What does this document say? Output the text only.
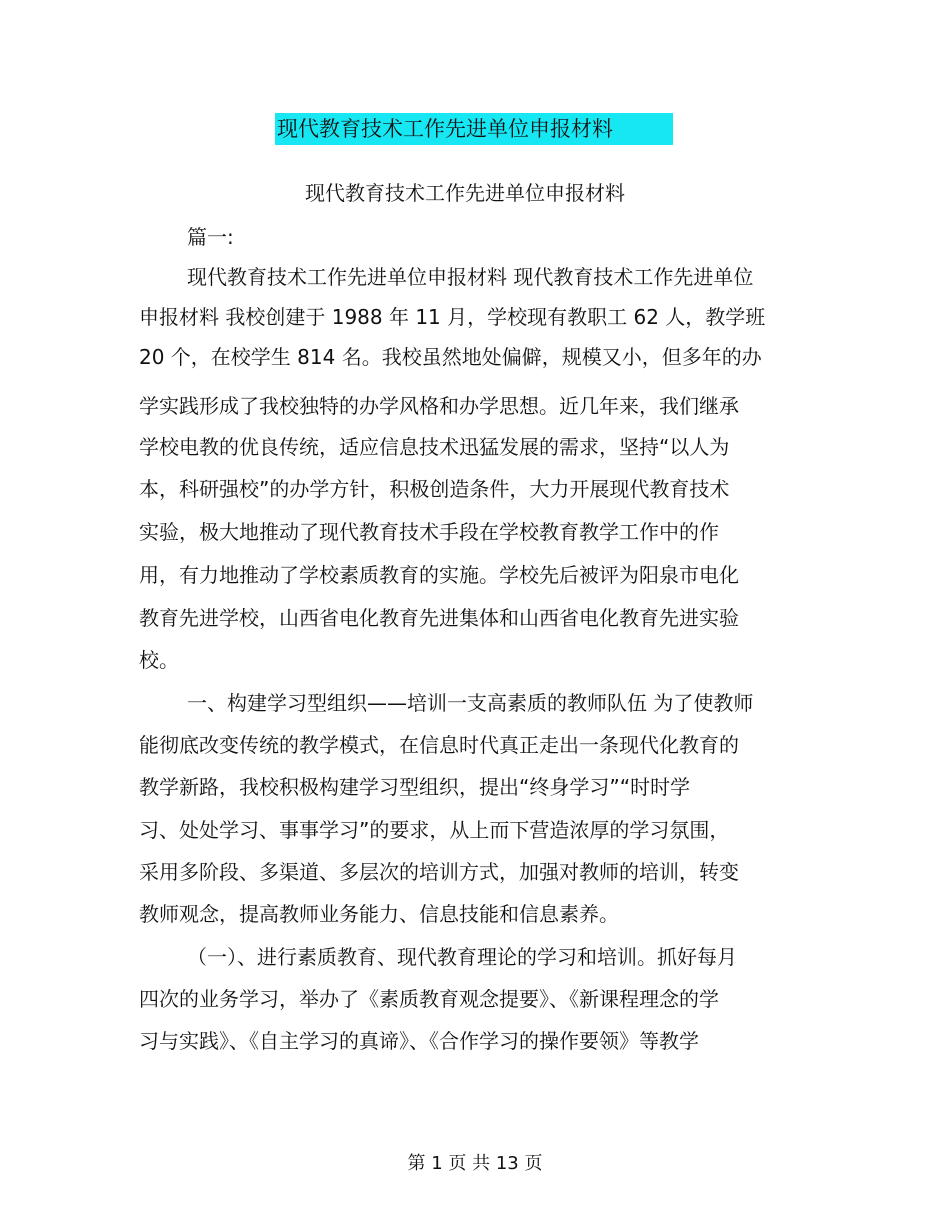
现代教育技术工作先进单位申报材料
现代教育技术工作先进单位申报材料
篇一:
现代教育技术工作先进单位申报材料 现代教育技术工作先进单位
申报材料 我校创建于 1988 年 11 月，学校现有教职工 62 人，教学班
20 个，在校学生 814 名。我校虽然地处偏僻，规模又小，但多年的办
学实践形成了我校独特的办学风格和办学思想。近几年来，我们继承
学校电教的优良传统，适应信息技术迅猛发展的需求，坚持“以人为
本，科研强校”的办学方针，积极创造条件，大力开展现代教育技术
实验，极大地推动了现代教育技术手段在学校教育教学工作中的作
用，有力地推动了学校素质教育的实施。学校先后被评为阳泉市电化
教育先进学校，山西省电化教育先进集体和山西省电化教育先进实验
校。
一、构建学习型组织——培训一支高素质的教师队伍 为了使教师
能彻底改变传统的教学模式，在信息时代真正走出一条现代化教育的
教学新路，我校积极构建学习型组织，提出“终身学习”“时时学
习、处处学习、事事学习”的要求，从上而下营造浓厚的学习氛围，
采用多阶段、多渠道、多层次的培训方式，加强对教师的培训，转变
教师观念，提高教师业务能力、信息技能和信息素养。
（一）、进行素质教育、现代教育理论的学习和培训。抓好每月
四次的业务学习，举办了《素质教育观念提要》、《新课程理念的学
习与实践》、《自主学习的真谛》、《合作学习的操作要领》等教学
第 1 页 共 13 页
